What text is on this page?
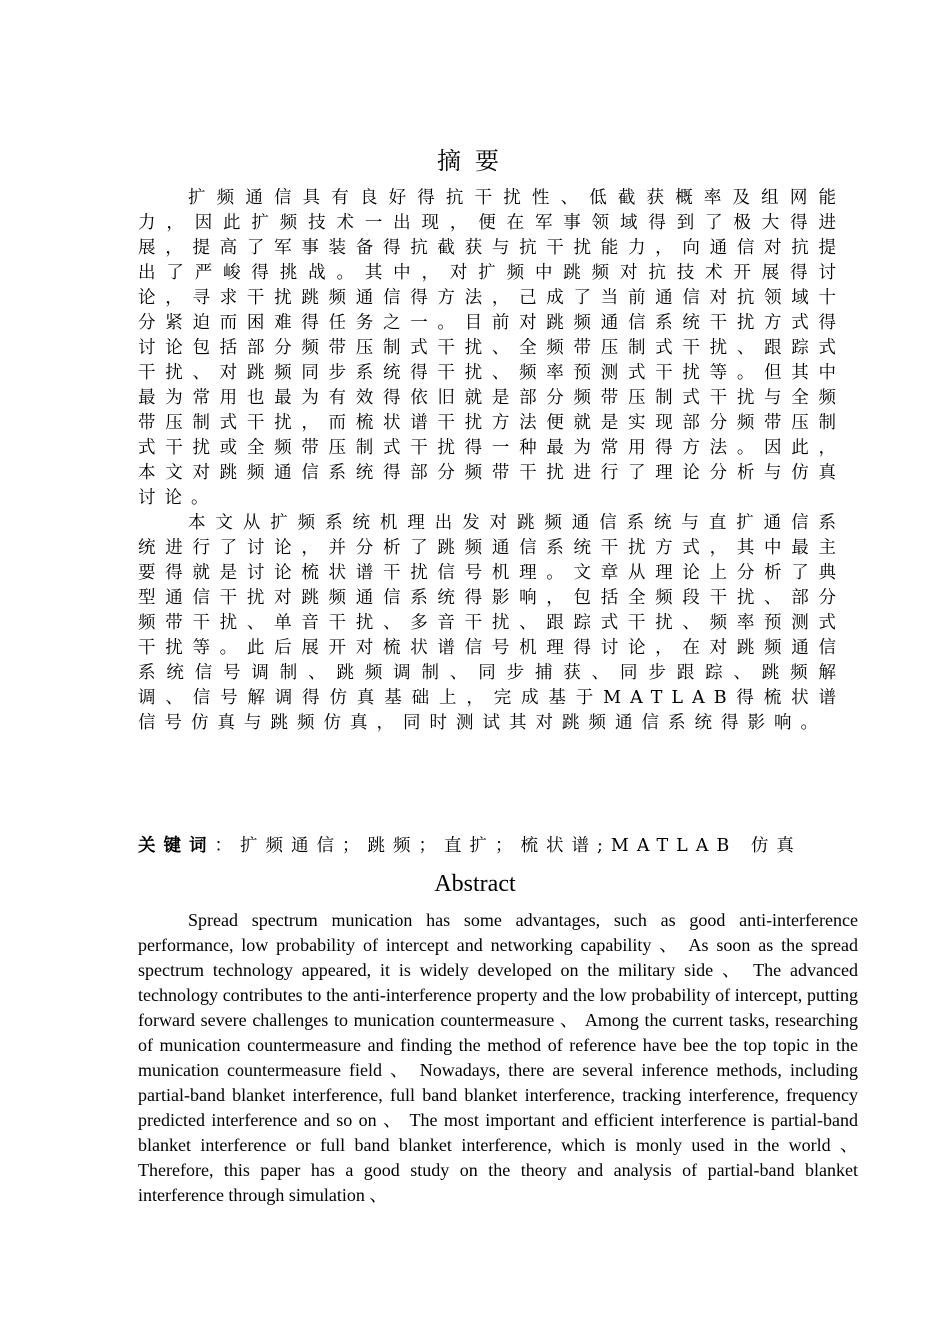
摘要

扩频通信具有良好得抗干扰性、低截获概率及组网能力，因此扩频技术一出现，便在军事领域得到了极大得进展，提高了军事装备得抗截获与抗干扰能力，向通信对抗提出了严峻得挑战。其中，对扩频中跳频对抗技术开展得讨论，寻求干扰跳频通信得方法，己成了当前通信对抗领域十分紧迫而困难得任务之一。目前对跳频通信系统干扰方式得讨论包括部分频带压制式干扰、全频带压制式干扰、跟踪式干扰、对跳频同步系统得干扰、频率预测式干扰等。但其中最为常用也最为有效得依旧就是部分频带压制式干扰与全频带压制式干扰，而梳状谱干扰方法便就是实现部分频带压制式干扰或全频带压制式干扰得一种最为常用得方法。因此，本文对跳频通信系统得部分频带干扰进行了理论分析与仿真讨论。

本文从扩频系统机理出发对跳频通信系统与直扩通信系统进行了讨论，并分析了跳频通信系统干扰方式，其中最主要得就是讨论梳状谱干扰信号机理。文章从理论上分析了典型通信干扰对跳频通信系统得影响，包括全频段干扰、部分频带干扰、单音干扰、多音干扰、跟踪式干扰、频率预测式干扰等。此后展开对梳状谱信号机理得讨论，在对跳频通信系统信号调制、跳频调制、同步捕获、同步跟踪、跳频解调、信号解调得仿真基础上，完成基于MATLAB得梳状谱信号仿真与跳频仿真，同时测试其对跳频通信系统得影响。

关键词：扩频通信；跳频；直扩；梳状谱;MATLAB 仿真
Abstract

Spread spectrum munication has some advantages, such as good anti-interference performance, low probability of intercept and networking capability 、 As soon as the spread spectrum technology appeared, it is widely developed on the military side 、 The advanced technology contributes to the anti-interference property and the low probability of intercept, putting forward severe challenges to munication countermeasure 、 Among the current tasks, researching of munication countermeasure and finding the method of reference have bee the top topic in the munication countermeasure field 、 Nowadays, there are several inference methods, including partial-band blanket interference, full band blanket interference, tracking interference, frequency predicted interference and so on 、 The most important and efficient interference is partial-band blanket interference or full band blanket interference, which is monly used in the world 、 Therefore, this paper has a good study on the theory and analysis of partial-band blanket interference through simulation 、
